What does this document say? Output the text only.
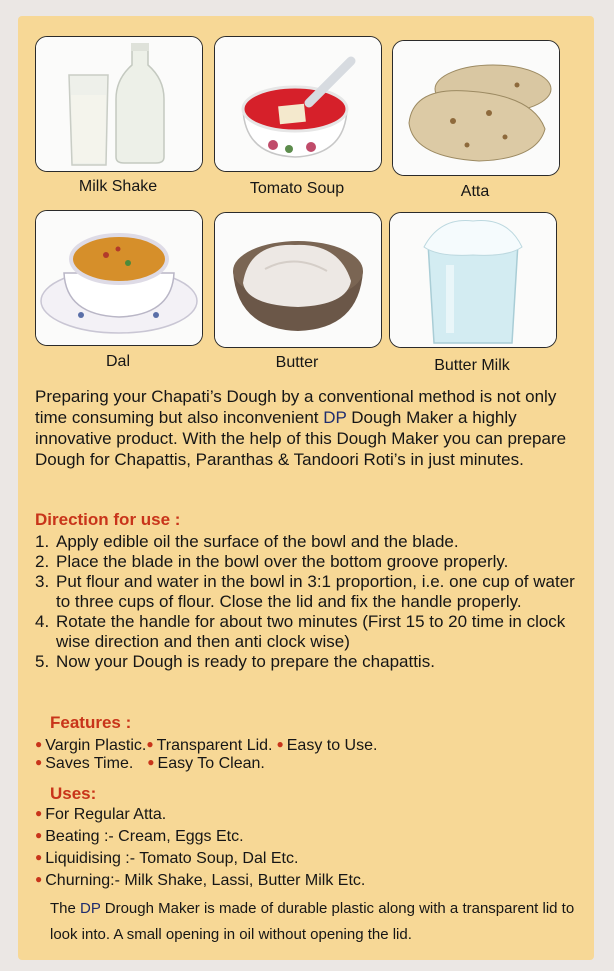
Milk Shake	Tomato Soup	Atta
Dal	Butter	Butter Milk

Preparing your Chapati’s Dough by a conventional method is not only time consuming but also inconvenient DP Dough Maker a highly innovative product. With the help of this Dough Maker you can prepare Dough for Chapattis, Paranthas & Tandoori Roti’s in just minutes.

Direction for use :
1. Apply edible oil the surface of the bowl and the blade.
2. Place the blade in the bowl over the bottom groove properly.
3. Put flour and water in the bowl in 3:1 proportion, i.e. one cup of water to three cups of flour. Close the lid and fix the handle properly.
4. Rotate the handle for about two minutes (First 15 to 20 time in clock wise direction and then anti clock wise)
5. Now your Dough is ready to prepare the chapattis.
Features :
● Vargin Plastic.● Transparent Lid. ● Easy to Use.
● Saves Time. ● Easy To Clean.
Uses:
● For Regular Atta.
● Beating :- Cream, Eggs Etc.
● Liquidising :- Tomato Soup, Dal Etc.
● Churning:- Milk Shake, Lassi, Butter Milk Etc.

The DP Drough Maker is made of durable plastic along with a transparent lid to look into. A small opening in oil without opening the lid.
